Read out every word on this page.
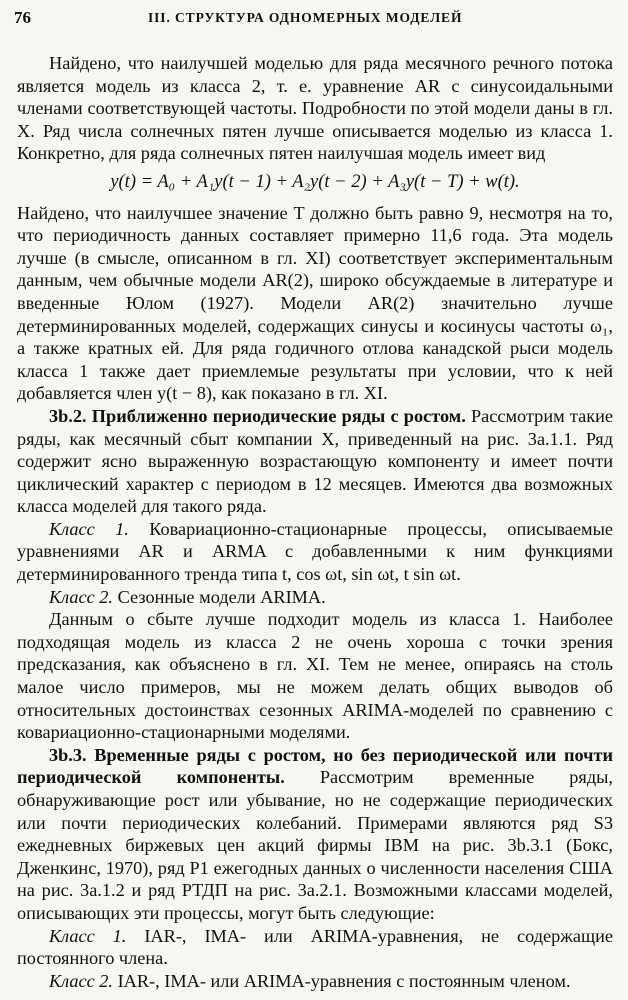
76	III. СТРУКТУРА ОДНОМЕРНЫХ МОДЕЛЕЙ

Найдено, что наилучшей моделью для ряда месячного речного потока является модель из класса 2, т. е. уравнение AR с синусоидальными членами соответствующей частоты. Подробности по этой модели даны в гл. X. Ряд числа солнечных пятен лучше описывается моделью из класса 1. Конкретно, для ряда солнечных пятен наилучшая модель имеет вид

y(t) = A₀ + A₁y(t − 1) + A₂y(t − 2) + A₃y(t − T) + w(t).

Найдено, что наилучшее значение T должно быть равно 9, несмотря на то, что периодичность данных составляет примерно 11,6 года. Эта модель лучше (в смысле, описанном в гл. XI) соответствует экспериментальным данным, чем обычные модели AR(2), широко обсуждаемые в литературе и введенные Юлом (1927). Модели AR(2) значительно лучше детерминированных моделей, содержащих синусы и косинусы частоты ω₁, а также кратных ей. Для ряда годичного отлова канадской рыси модель класса 1 также дает приемлемые результаты при условии, что к ней добавляется член y(t − 8), как показано в гл. XI.

3b.2. Приближенно периодические ряды с ростом. Рассмотрим такие ряды, как месячный сбыт компании X, приведенный на рис. 3a.1.1. Ряд содержит ясно выраженную возрастающую компоненту и имеет почти циклический характер с периодом в 12 месяцев. Имеются два возможных класса моделей для такого ряда.

Класс 1. Ковариационно-стационарные процессы, описываемые уравнениями AR и ARMA с добавленными к ним функциями детерминированного тренда типа t, cos ωt, sin ωt, t sin ωt.

Класс 2. Сезонные модели ARIMA.

Данным о сбыте лучше подходит модель из класса 1. Наиболее подходящая модель из класса 2 не очень хороша с точки зрения предсказания, как объяснено в гл. XI. Тем не менее, опираясь на столь малое число примеров, мы не можем делать общих выводов об относительных достоинствах сезонных ARIMA-моделей по сравнению с ковариационно-стационарными моделями.

3b.3. Временные ряды с ростом, но без периодической или почти периодической компоненты. Рассмотрим временные ряды, обнаруживающие рост или убывание, но не содержащие периодических или почти периодических колебаний. Примерами являются ряд S3 ежедневных биржевых цен акций фирмы IBM на рис. 3b.3.1 (Бокс, Дженкинс, 1970), ряд P1 ежегодных данных о численности населения США на рис. 3a.1.2 и ряд РТДП на рис. 3a.2.1. Возможными классами моделей, описывающих эти процессы, могут быть следующие:

Класс 1. IAR-, IMA- или ARIMA-уравнения, не содержащие постоянного члена.

Класс 2. IAR-, IMA- или ARIMA-уравнения с постоянным членом.
